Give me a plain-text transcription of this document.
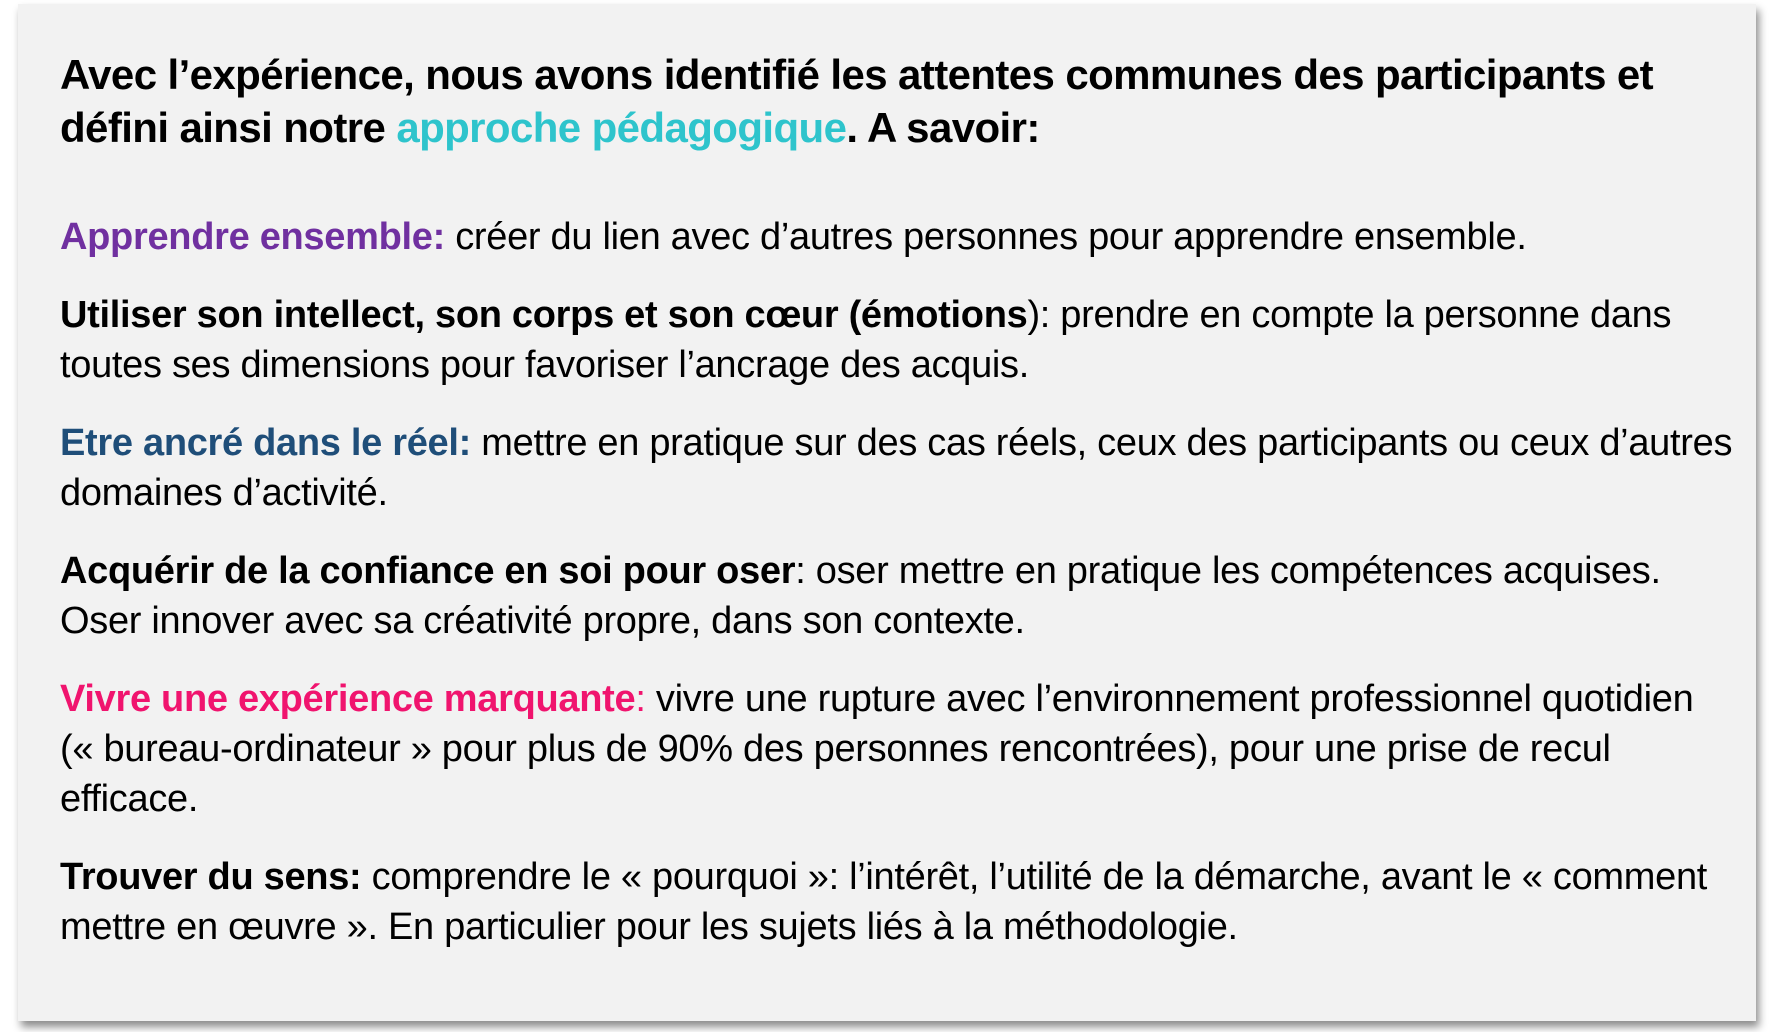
Avec l’expérience, nous avons identifié les attentes communes des participants et défini ainsi notre approche pédagogique. A savoir:

Apprendre ensemble: créer du lien avec d’autres personnes pour apprendre ensemble.

Utiliser son intellect, son corps et son cœur (émotions): prendre en compte la personne dans toutes ses dimensions pour favoriser l’ancrage des acquis.

Etre ancré dans le réel: mettre en pratique sur des cas réels, ceux des participants ou ceux d’autres domaines d’activité.

Acquérir de la confiance en soi pour oser: oser mettre en pratique les compétences acquises. Oser innover avec sa créativité propre, dans son contexte.

Vivre une expérience marquante: vivre une rupture avec l’environnement professionnel quotidien (« bureau-ordinateur » pour plus de 90% des personnes rencontrées), pour une prise de recul efficace.

Trouver du sens: comprendre le « pourquoi »: l’intérêt, l’utilité de la démarche, avant le « comment mettre en œuvre ». En particulier pour les sujets liés à la méthodologie.
